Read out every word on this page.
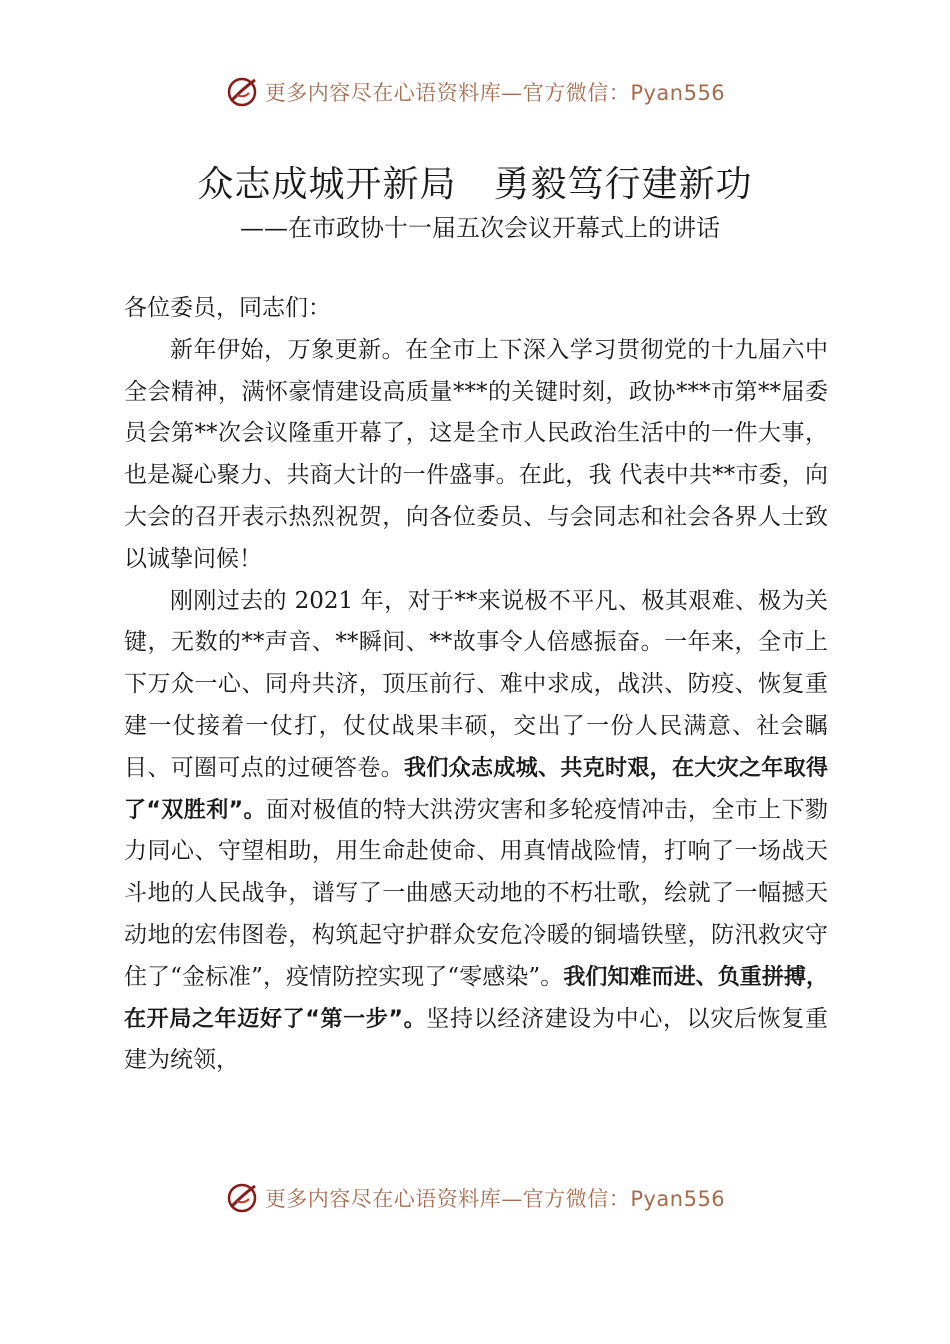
更多内容尽在心语资料库—官方微信：Pyan556
众志成城开新局　勇毅笃行建新功
——在市政协十一届五次会议开幕式上的讲话

各位委员，同志们：

新年伊始，万象更新。在全市上下深入学习贯彻党的十九届六中全会精神，满怀豪情建设高质量***的关键时刻，政协***市第**届委员会第**次会议隆重开幕了，这是全市人民政治生活中的一件大事，也是凝心聚力、共商大计的一件盛事。在此，我 代表中共**市委，向大会的召开表示热烈祝贺，向各位委员、与会同志和社会各界人士致以诚挚问候！

刚刚过去的 2021 年，对于**来说极不平凡、极其艰难、极为关键，无数的**声音、**瞬间、**故事令人倍感振奋。一年来，全市上下万众一心、同舟共济，顶压前行、难中求成，战洪、防疫、恢复重建一仗接着一仗打，仗仗战果丰硕，交出了一份人民满意、社会瞩目、可圈可点的过硬答卷。我们众志成城、共克时艰，在大灾之年取得了“双胜利”。面对极值的特大洪涝灾害和多轮疫情冲击，全市上下勠力同心、守望相助，用生命赴使命、用真情战险情，打响了一场战天斗地的人民战争，谱写了一曲感天动地的不朽壮歌，绘就了一幅撼天动地的宏伟图卷，构筑起守护群众安危冷暖的铜墙铁壁，防汛救灾守住了“金标准”，疫情防控实现了“零感染”。我们知难而进、负重拼搏，在开局之年迈好了“第一步”。坚持以经济建设为中心，以灾后恢复重建为统领，

更多内容尽在心语资料库—官方微信：Pyan556
